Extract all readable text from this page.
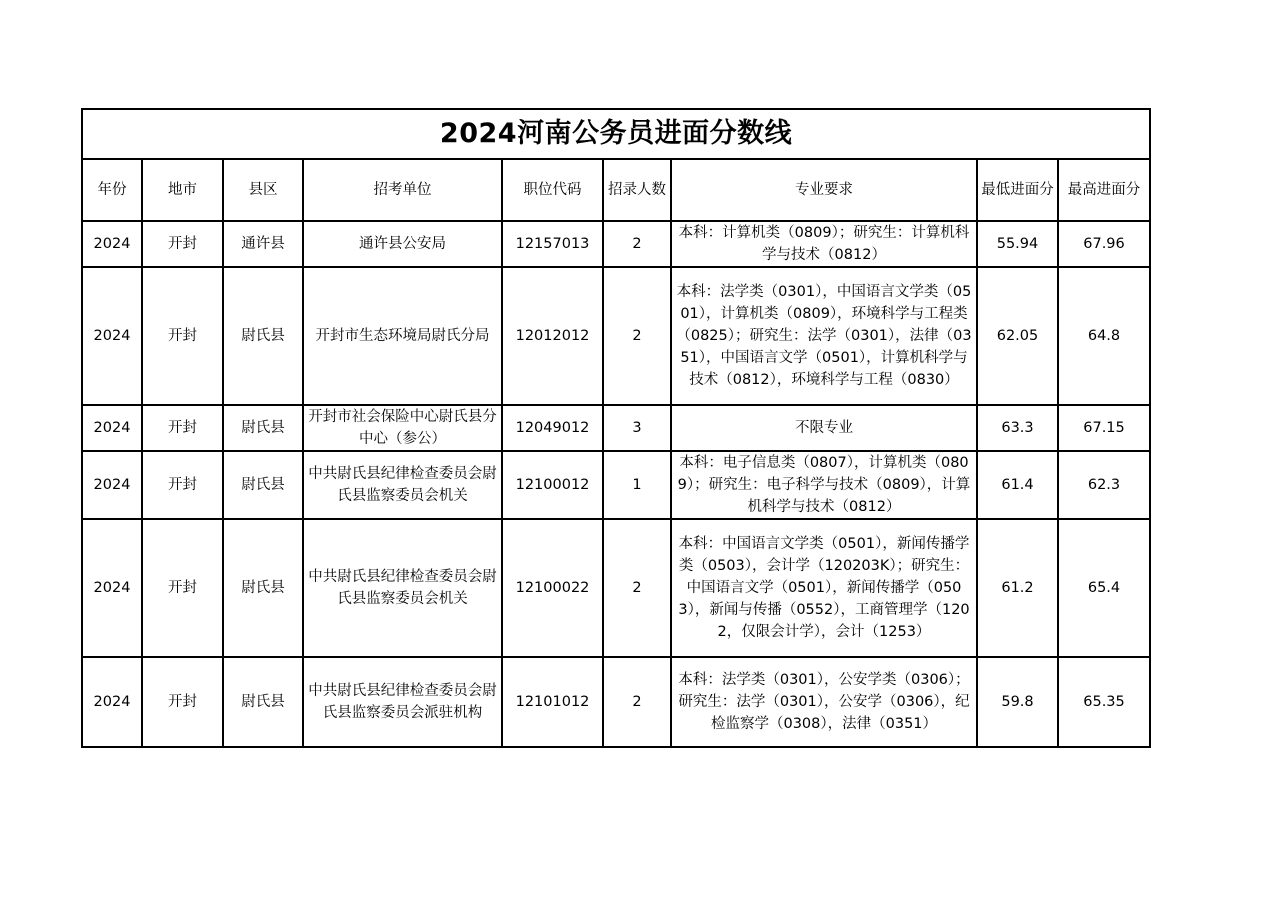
2024河南公务员进面分数线								
年份	地市	县区	招考单位	职位代码	招录人数	专业要求	最低进面分	最高进面分
2024	开封	通许县	通许县公安局	12157013	2	本科：计算机类（0809）；研究生：计算机科学与技术（0812）	55.94	67.96
2024	开封	尉氏县	开封市生态环境局尉氏分局	12012012	2	本科：法学类（0301），中国语言文学类（0501），计算机类（0809），环境科学与工程类（0825）；研究生：法学（0301），法律（0351），中国语言文学（0501），计算机科学与技术（0812），环境科学与工程（0830）	62.05	64.8
2024	开封	尉氏县	开封市社会保险中心尉氏县分中心（参公）	12049012	3	不限专业	63.3	67.15
2024	开封	尉氏县	中共尉氏县纪律检查委员会尉氏县监察委员会机关	12100012	1	本科：电子信息类（0807），计算机类（0809）；研究生：电子科学与技术（0809），计算机科学与技术（0812）	61.4	62.3
2024	开封	尉氏县	中共尉氏县纪律检查委员会尉氏县监察委员会机关	12100022	2	本科：中国语言文学类（0501），新闻传播学类（0503），会计学（120203K）；研究生：中国语言文学（0501），新闻传播学（0503），新闻与传播（0552），工商管理学（1202，仅限会计学），会计（1253）	61.2	65.4
2024	开封	尉氏县	中共尉氏县纪律检查委员会尉氏县监察委员会派驻机构	12101012	2	本科：法学类（0301），公安学类（0306）；研究生：法学（0301），公安学（0306），纪检监察学（0308），法律（0351）	59.8	65.35
